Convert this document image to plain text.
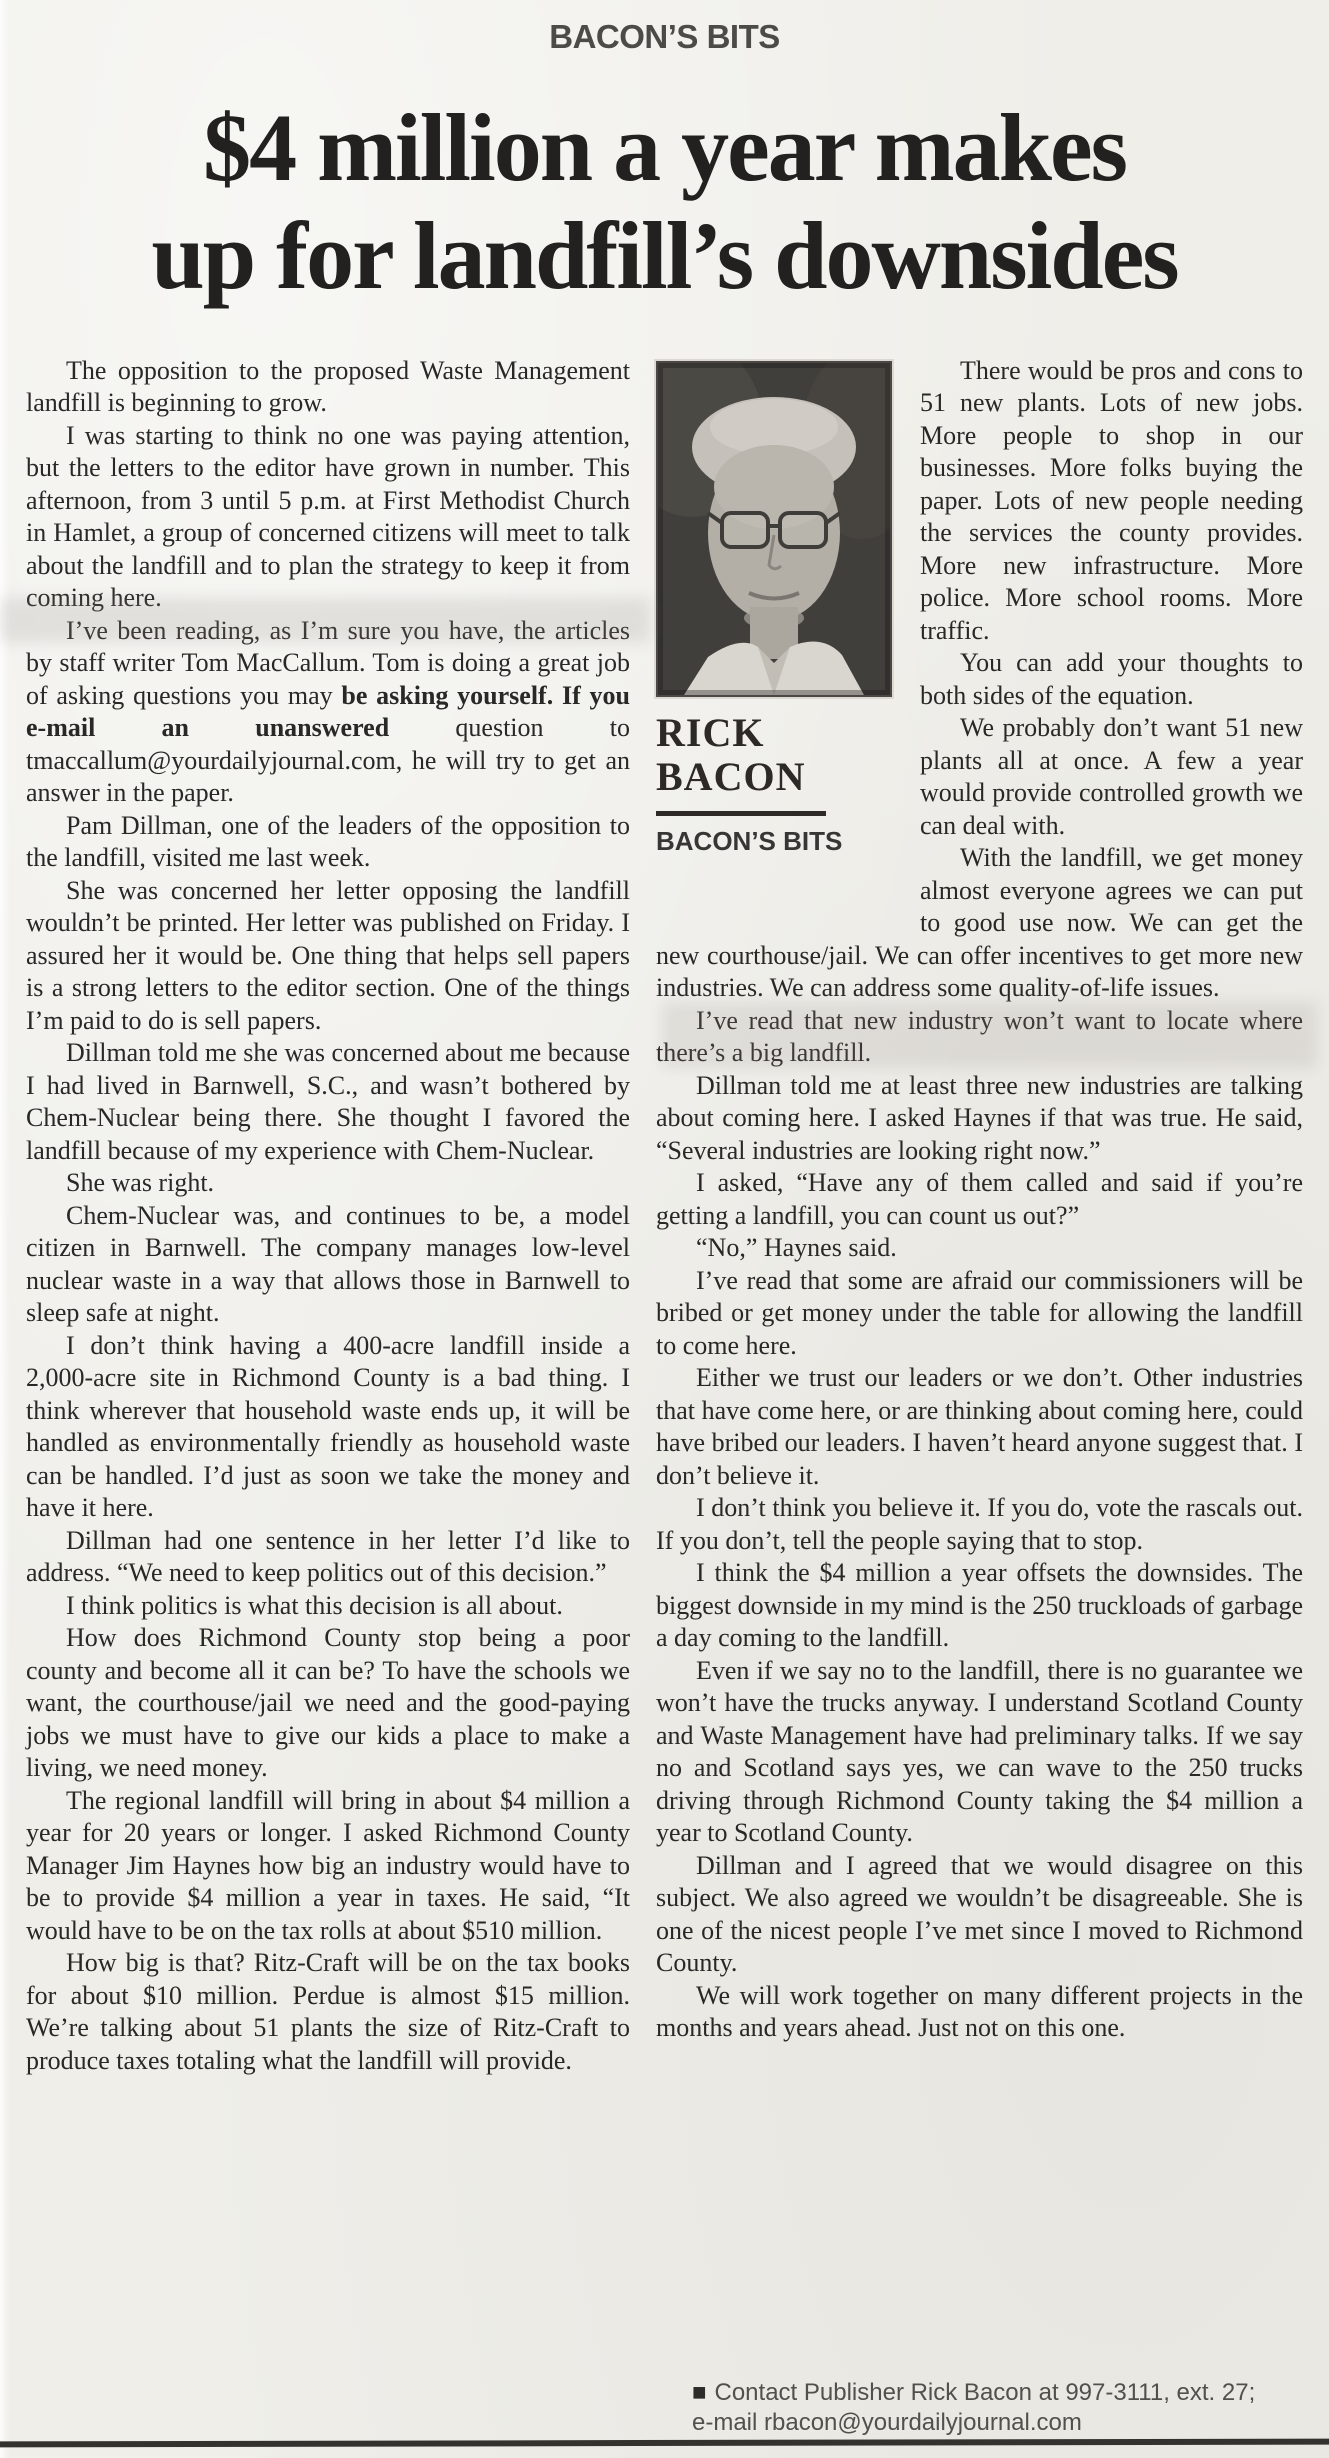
BACON’S BITS
$4 million a year makes
up for landfill’s downsides

The opposition to the proposed Waste Management landfill is beginning to grow.

I was starting to think no one was paying attention, but the letters to the editor have grown in number. This afternoon, from 3 until 5 p.m. at First Methodist Church in Hamlet, a group of concerned citizens will meet to talk about the landfill and to plan the strategy to keep it from coming here.

I’ve been reading, as I’m sure you have, the articles by staff writer Tom MacCallum. Tom is doing a great job of asking questions you may be asking yourself. If you e-mail an unanswered question to tmaccallum@yourdailyjournal.com, he will try to get an answer in the paper.

Pam Dillman, one of the leaders of the opposition to the landfill, visited me last week.

She was concerned her letter opposing the landfill wouldn’t be printed. Her letter was published on Friday. I assured her it would be. One thing that helps sell papers is a strong letters to the editor section. One of the things I’m paid to do is sell papers.

Dillman told me she was concerned about me because I had lived in Barnwell, S.C., and wasn’t bothered by Chem-Nuclear being there. She thought I favored the landfill because of my experience with Chem-Nuclear.

She was right.

Chem-Nuclear was, and continues to be, a model citizen in Barnwell. The company manages low-level nuclear waste in a way that allows those in Barnwell to sleep safe at night.

I don’t think having a 400-acre landfill inside a 2,000-acre site in Richmond County is a bad thing. I think wherever that household waste ends up, it will be handled as environmentally friendly as household waste can be handled. I’d just as soon we take the money and have it here.

Dillman had one sentence in her letter I’d like to address. “We need to keep politics out of this decision.”

I think politics is what this decision is all about.

How does Richmond County stop being a poor county and become all it can be? To have the schools we want, the courthouse/jail we need and the good-paying jobs we must have to give our kids a place to make a living, we need money.

The regional landfill will bring in about $4 million a year for 20 years or longer. I asked Richmond County Manager Jim Haynes how big an industry would have to be to provide $4 million a year in taxes. He said, “It would have to be on the tax rolls at about $510 million.

How big is that? Ritz-Craft will be on the tax books for about $10 million. Perdue is almost $15 million. We’re talking about 51 plants the size of Ritz-Craft to produce taxes totaling what the landfill will provide.

RICK
BACON
BACON’S BITS

There would be pros and cons to 51 new plants. Lots of new jobs. More people to shop in our businesses. More folks buying the paper. Lots of new people needing the services the county provides. More new infrastructure. More police. More school rooms. More traffic.

You can add your thoughts to both sides of the equation.

We probably don’t want 51 new plants all at once. A few a year would provide controlled growth we can deal with.

With the landfill, we get money almost everyone agrees we can put to good use now. We can get the new courthouse/jail. We can offer incentives to get more new industries. We can address some quality-of-life issues.

I’ve read that new industry won’t want to locate where there’s a big landfill.

Dillman told me at least three new industries are talking about coming here. I asked Haynes if that was true. He said, “Several industries are looking right now.”

I asked, “Have any of them called and said if you’re getting a landfill, you can count us out?”

“No,” Haynes said.

I’ve read that some are afraid our commissioners will be bribed or get money under the table for allowing the landfill to come here.

Either we trust our leaders or we don’t. Other industries that have come here, or are thinking about coming here, could have bribed our leaders. I haven’t heard anyone suggest that. I don’t believe it.

I don’t think you believe it. If you do, vote the rascals out. If you don’t, tell the people saying that to stop.

I think the $4 million a year offsets the downsides. The biggest downside in my mind is the 250 truckloads of garbage a day coming to the landfill.

Even if we say no to the landfill, there is no guarantee we won’t have the trucks anyway. I understand Scotland County and Waste Management have had preliminary talks. If we say no and Scotland says yes, we can wave to the 250 trucks driving through Richmond County taking the $4 million a year to Scotland County.

Dillman and I agreed that we would disagree on this subject. We also agreed we wouldn’t be disagreeable. She is one of the nicest people I’ve met since I moved to Richmond County.

We will work together on many different projects in the months and years ahead. Just not on this one.

■ Contact Publisher Rick Bacon at 997-3111, ext. 27;
e-mail rbacon@yourdailyjournal.com
